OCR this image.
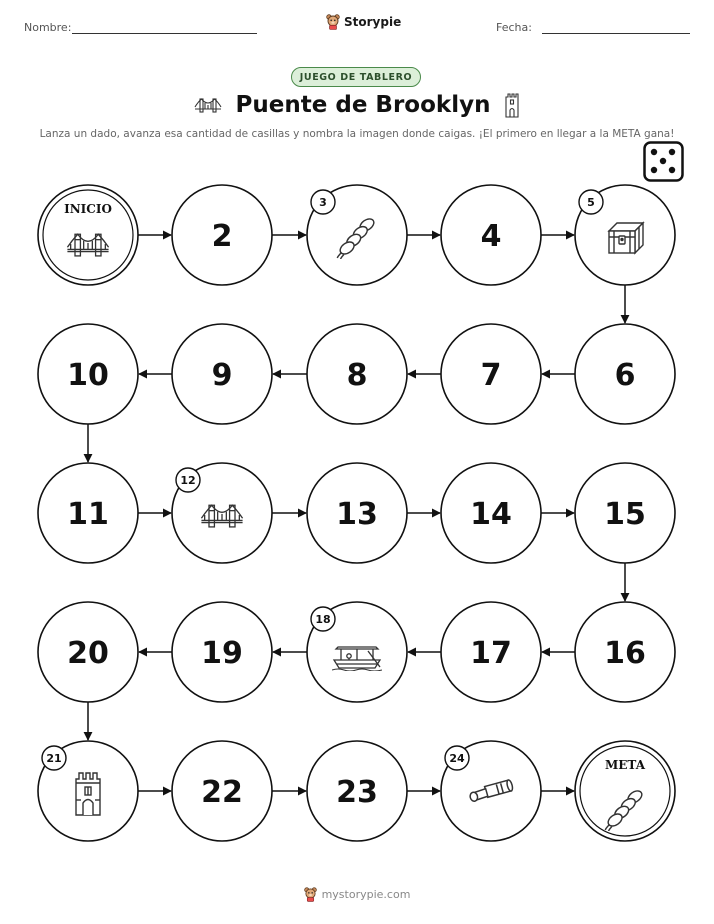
Nombre:	Storypie	Fecha:
JUEGO DE TABLERO
Puente de Brooklyn
Lanza un dado, avanza esa cantidad de casillas y nombra la imagen donde caigas. ¡El primero en llegar a la META gana!
INICIO
2
3
4
5
6
7
8
9
10
11
12
13	14	15
16
17
18
19
20
21
22	23
24	META
mystorypie.com
